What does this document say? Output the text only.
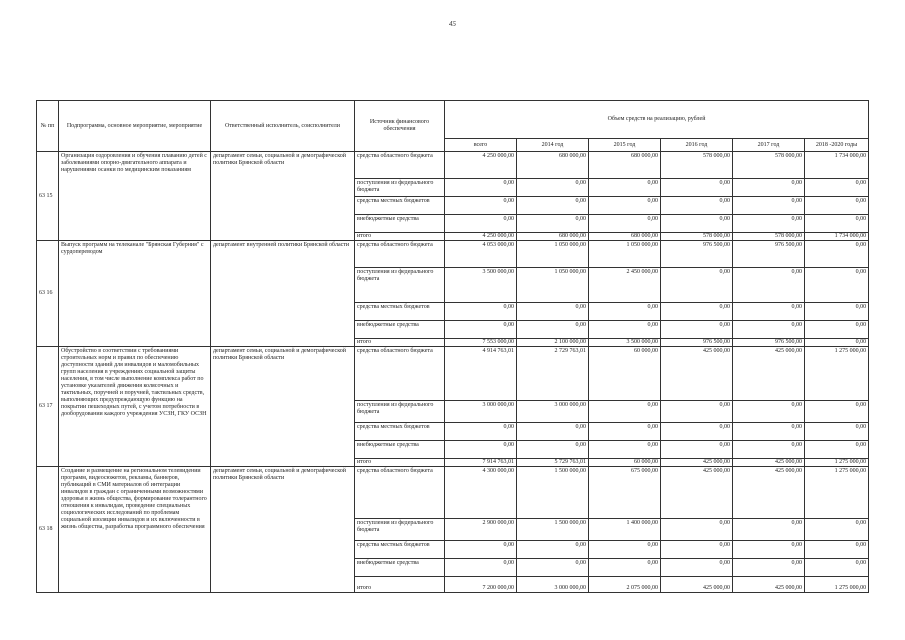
45
№ пп	Подпрограмма, основное мероприятие, мероприятие	Ответственный исполнитель, соисполнители	Источник финансового обеспечения	Объем средств на реализацию, рублей					
				всего	2014 год	2015 год	2016 год	2017 год	2018 -2020 годы
63 15	Организация оздоровления и обучения плаванию детей с заболеваниями опорно-двигательного аппарата и нарушениями осанки по медицинским показаниям	департамент семьи, социальной и демографической политики Брянской области	средства областного бюджета	4 250 000,00	680 000,00	680 000,00	578 000,00	578 000,00	1 734 000,00
			поступления из федерального бюджета	0,00	0,00	0,00	0,00	0,00	0,00
			средства местных бюджетов	0,00	0,00	0,00	0,00	0,00	0,00
			внебюджетные средства	0,00	0,00	0,00	0,00	0,00	0,00
			итого	4 250 000,00	680 000,00	680 000,00	578 000,00	578 000,00	1 734 000,00
63 16	Выпуск программ на телеканале "Брянская Губерния" с сурдопереводом	департамент внутренней политики Брянской области	средства областного бюджета	4 053 000,00	1 050 000,00	1 050 000,00	976 500,00	976 500,00	0,00
			поступления из федерального бюджета	3 500 000,00	1 050 000,00	2 450 000,00	0,00	0,00	0,00
			средства местных бюджетов	0,00	0,00	0,00	0,00	0,00	0,00
			внебюджетные средства	0,00	0,00	0,00	0,00	0,00	0,00
			итого	7 553 000,00	2 100 000,00	3 500 000,00	976 500,00	976 500,00	0,00
63 17	Обустройство в соответствии с требованиями строительных норм и правил по обеспечению доступности зданий для инвалидов и маломобильных групп населения в учреждениях социальной защиты населения, в том числе выполнение комплекса работ по установке указателей движения колясочных и тактильных, поручней и поручней, тактильных средств, выполняющих предупреждающую функцию на покрытии пешеходных путей, с учетом потребности в дооборудовании каждого учреждения УСЗН, ГКУ ОСЗН	департамент семьи, социальной и демографической политики Брянской области	средства областного бюджета	4 914 763,01	2 729 763,01	60 000,00	425 000,00	425 000,00	1 275 000,00
			поступления из федерального бюджета	3 000 000,00	3 000 000,00	0,00	0,00	0,00	0,00
			средства местных бюджетов	0,00	0,00	0,00	0,00	0,00	0,00
			внебюджетные средства	0,00	0,00	0,00	0,00	0,00	0,00
			итого	7 914 763,01	5 729 763,01	60 000,00	425 000,00	425 000,00	1 275 000,00
63 18	Создание и размещение на региональном телевидении программ, видеосюжетов, рекламы, баннеров, публикаций в СМИ материалов об интеграции инвалидов в граждан с ограниченными возможностями здоровья в жизнь общества, формирование толерантного отношения к инвалидам, проведение специальных социологических исследований по проблемам социальной изоляции инвалидов и их включенности в жизнь общества, разработка программного обеспечения	департамент семьи, социальной и демографической политики Брянской области	средства областного бюджета	4 300 000,00	1 500 000,00	675 000,00	425 000,00	425 000,00	1 275 000,00
			поступления из федерального бюджета	2 900 000,00	1 500 000,00	1 400 000,00	0,00	0,00	0,00
			средства местных бюджетов	0,00	0,00	0,00	0,00	0,00	0,00
			внебюджетные средства	0,00	0,00	0,00	0,00	0,00	0,00
			итого	7 200 000,00	3 000 000,00	2 075 000,00	425 000,00	425 000,00	1 275 000,00
